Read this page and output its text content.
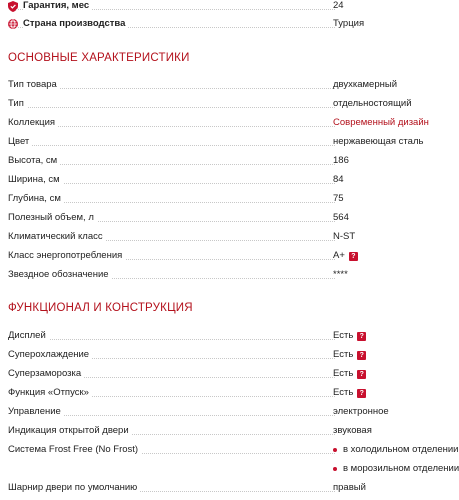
Гарантия, мес	24
Страна производства	Турция
ОСНОВНЫЕ ХАРАКТЕРИСТИКИ
Тип товара	двухкамерный
Тип	отдельностоящий
Коллекция	Современный дизайн
Цвет	нержавеющая сталь
Высота, см	186
Ширина, см	84
Глубина, см	75
Полезный объем, л	564
Климатический класс	N-ST
Класс энергопотребления	A+ ?
Звездное обозначение	****
ФУНКЦИОНАЛ И КОНСТРУКЦИЯ
Дисплей	Есть ?
Суперохлаждение	Есть ?
Суперзаморозка	Есть ?
Функция «Отпуск»	Есть ?
Управление	электронное
Индикация открытой двери	звуковая
Система Frost Free (No Frost)	в холодильном отделении
в морозильном отделении
Шарнир двери по умолчанию	правый
